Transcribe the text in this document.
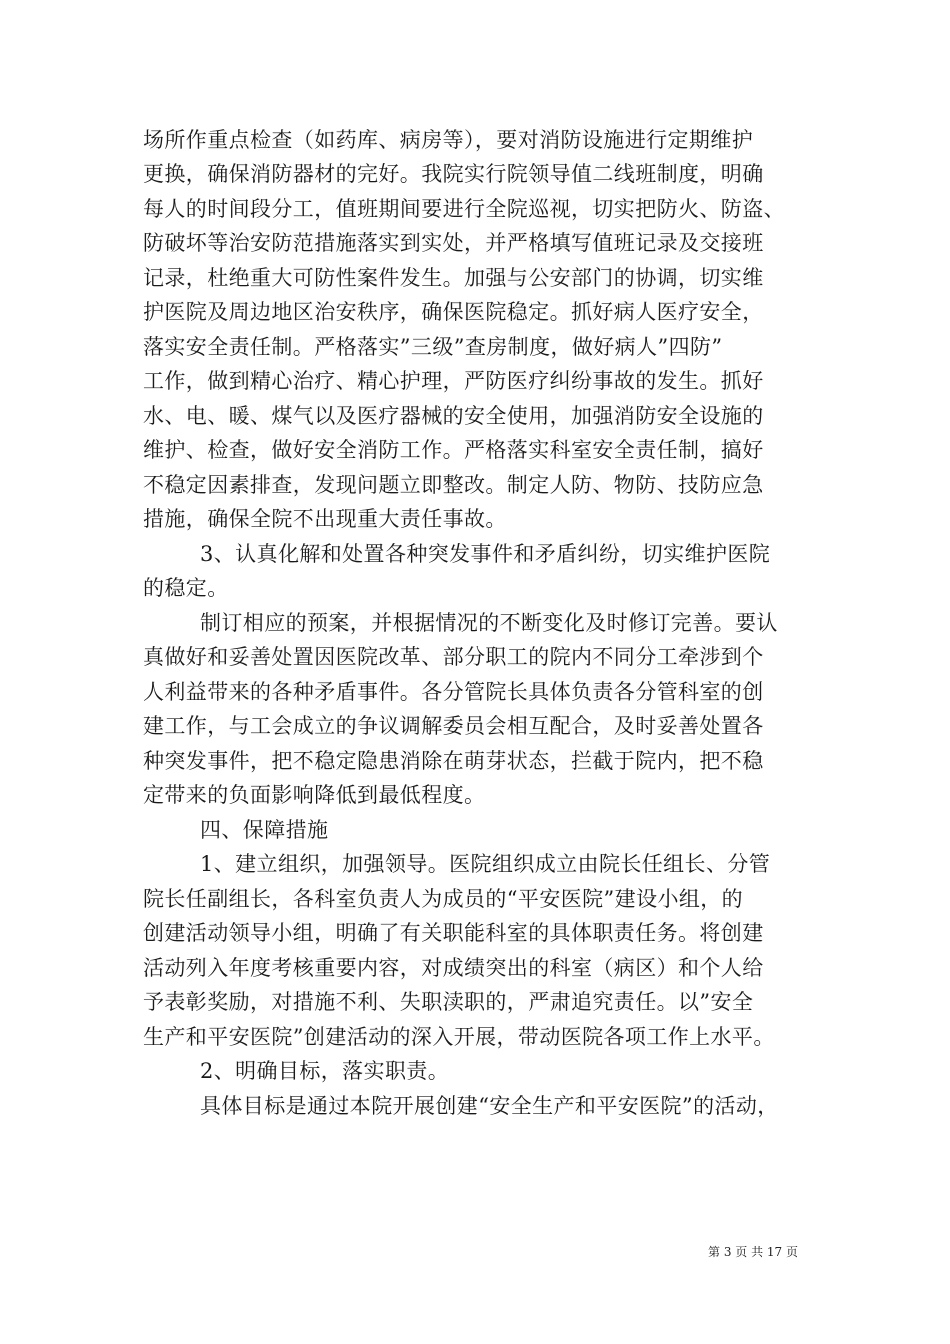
场所作重点检查（如药库、病房等），要对消防设施进行定期维护
更换，确保消防器材的完好。我院实行院领导值二线班制度，明确
每人的时间段分工，值班期间要进行全院巡视，切实把防火、防盗、
防破坏等治安防范措施落实到实处，并严格填写值班记录及交接班
记录，杜绝重大可防性案件发生。加强与公安部门的协调，切实维
护医院及周边地区治安秩序，确保医院稳定。抓好病人医疗安全，
落实安全责任制。严格落实”三级”查房制度，做好病人”四防”
工作，做到精心治疗、精心护理，严防医疗纠纷事故的发生。抓好
水、电、暖、煤气以及医疗器械的安全使用，加强消防安全设施的
维护、检查，做好安全消防工作。严格落实科室安全责任制，搞好
不稳定因素排查，发现问题立即整改。制定人防、物防、技防应急
措施，确保全院不出现重大责任事故。
3、认真化解和处置各种突发事件和矛盾纠纷，切实维护医院
的稳定。
制订相应的预案，并根据情况的不断变化及时修订完善。要认
真做好和妥善处置因医院改革、部分职工的院内不同分工牵涉到个
人利益带来的各种矛盾事件。各分管院长具体负责各分管科室的创
建工作，与工会成立的争议调解委员会相互配合，及时妥善处置各
种突发事件，把不稳定隐患消除在萌芽状态，拦截于院内，把不稳
定带来的负面影响降低到最低程度。
四、保障措施
1、建立组织，加强领导。医院组织成立由院长任组长、分管
院长任副组长，各科室负责人为成员的“平安医院”建设小组，的
创建活动领导小组，明确了有关职能科室的具体职责任务。将创建
活动列入年度考核重要内容，对成绩突出的科室（病区）和个人给
予表彰奖励，对措施不利、失职渎职的，严肃追究责任。以”安全
生产和平安医院”创建活动的深入开展，带动医院各项工作上水平。
2、明确目标，落实职责。
具体目标是通过本院开展创建“安全生产和平安医院”的活动，
第 3 页 共 17 页
